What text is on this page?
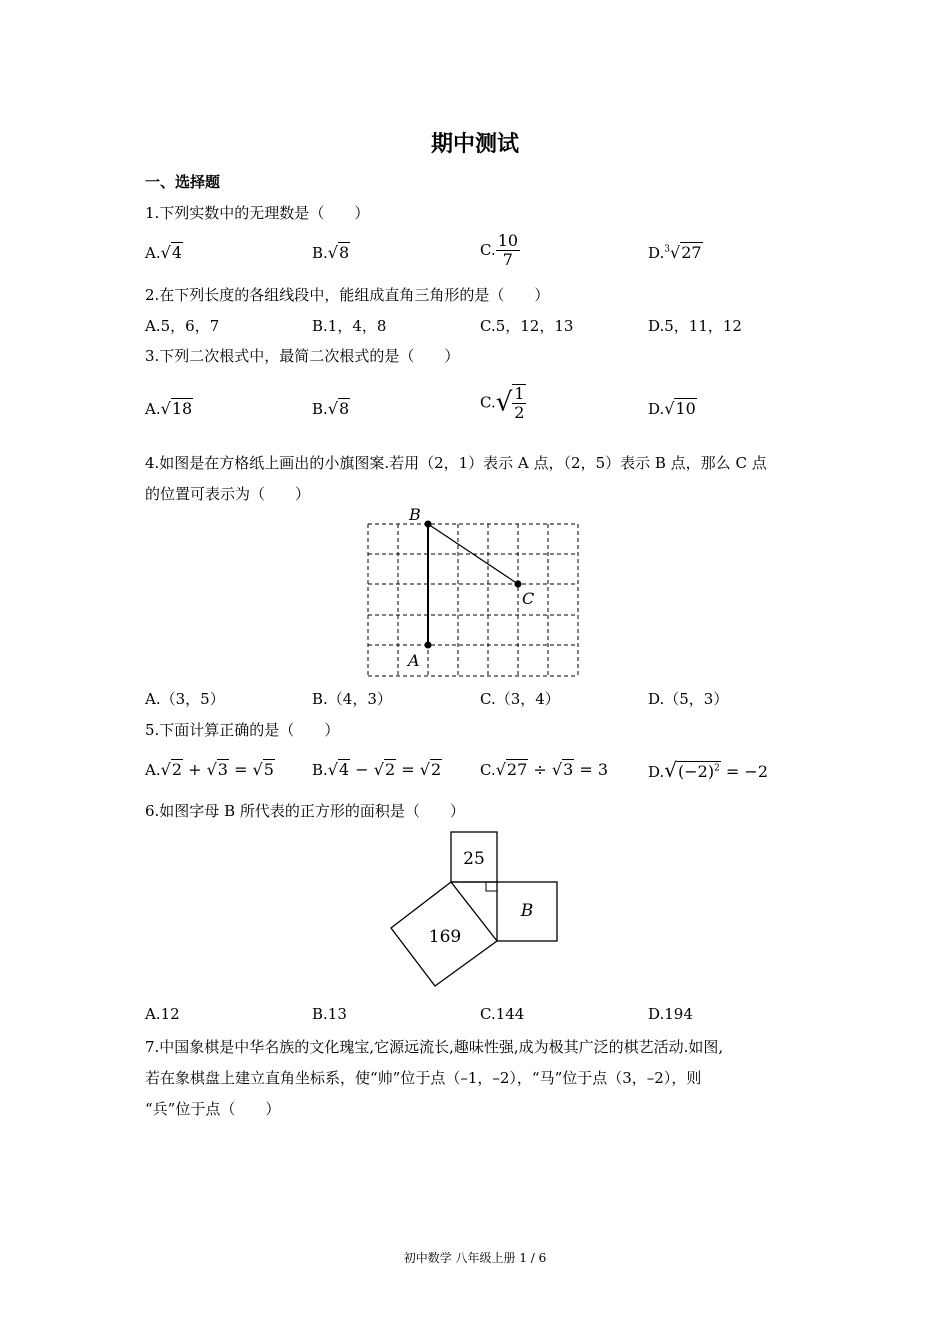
期中测试
一、选择题
1.下列实数中的无理数是（　　）
A.√4	B.√8	C. $\frac{10}{7}$	D.$^3$√27
2.在下列长度的各组线段中，能组成直角三角形的是（　　）
A.5，6，7	B.1，4，8	C.5，12，13	D.5，11，12
3.下列二次根式中，最简二次根式的是（　　）
A.√18	B.√8	$C.√ \frac{1}{2}$	D.√10
4.如图是在方格纸上画出的小旗图案.若用（2，1）表示 A 点，（2，5）表示 B 点，那么 C 点
的位置可表示为（　　）
B
C
A
A.（3，5）	B.（4，3）	C.（3，4）	D.（5，3）
5.下面计算正确的是（　　）
A.√2 + √3 = √5	B.√4 − √2 = √2	C.√27 ÷ √3 = 3	$D.√(-2)^2 = -2$
6.如图字母 B 所代表的正方形的面积是（　　）
25
B
169
A.12	B.13	C.144	D.194
7.中国象棋是中华名族的文化瑰宝,它源远流长,趣味性强,成为极其广泛的棋艺活动.如图,
若在象棋盘上建立直角坐标系，使“帅”位于点（–1，–2），“马”位于点（3，–2），则
“兵”位于点（　　）
初中数学 八年级上册 1 / 6
